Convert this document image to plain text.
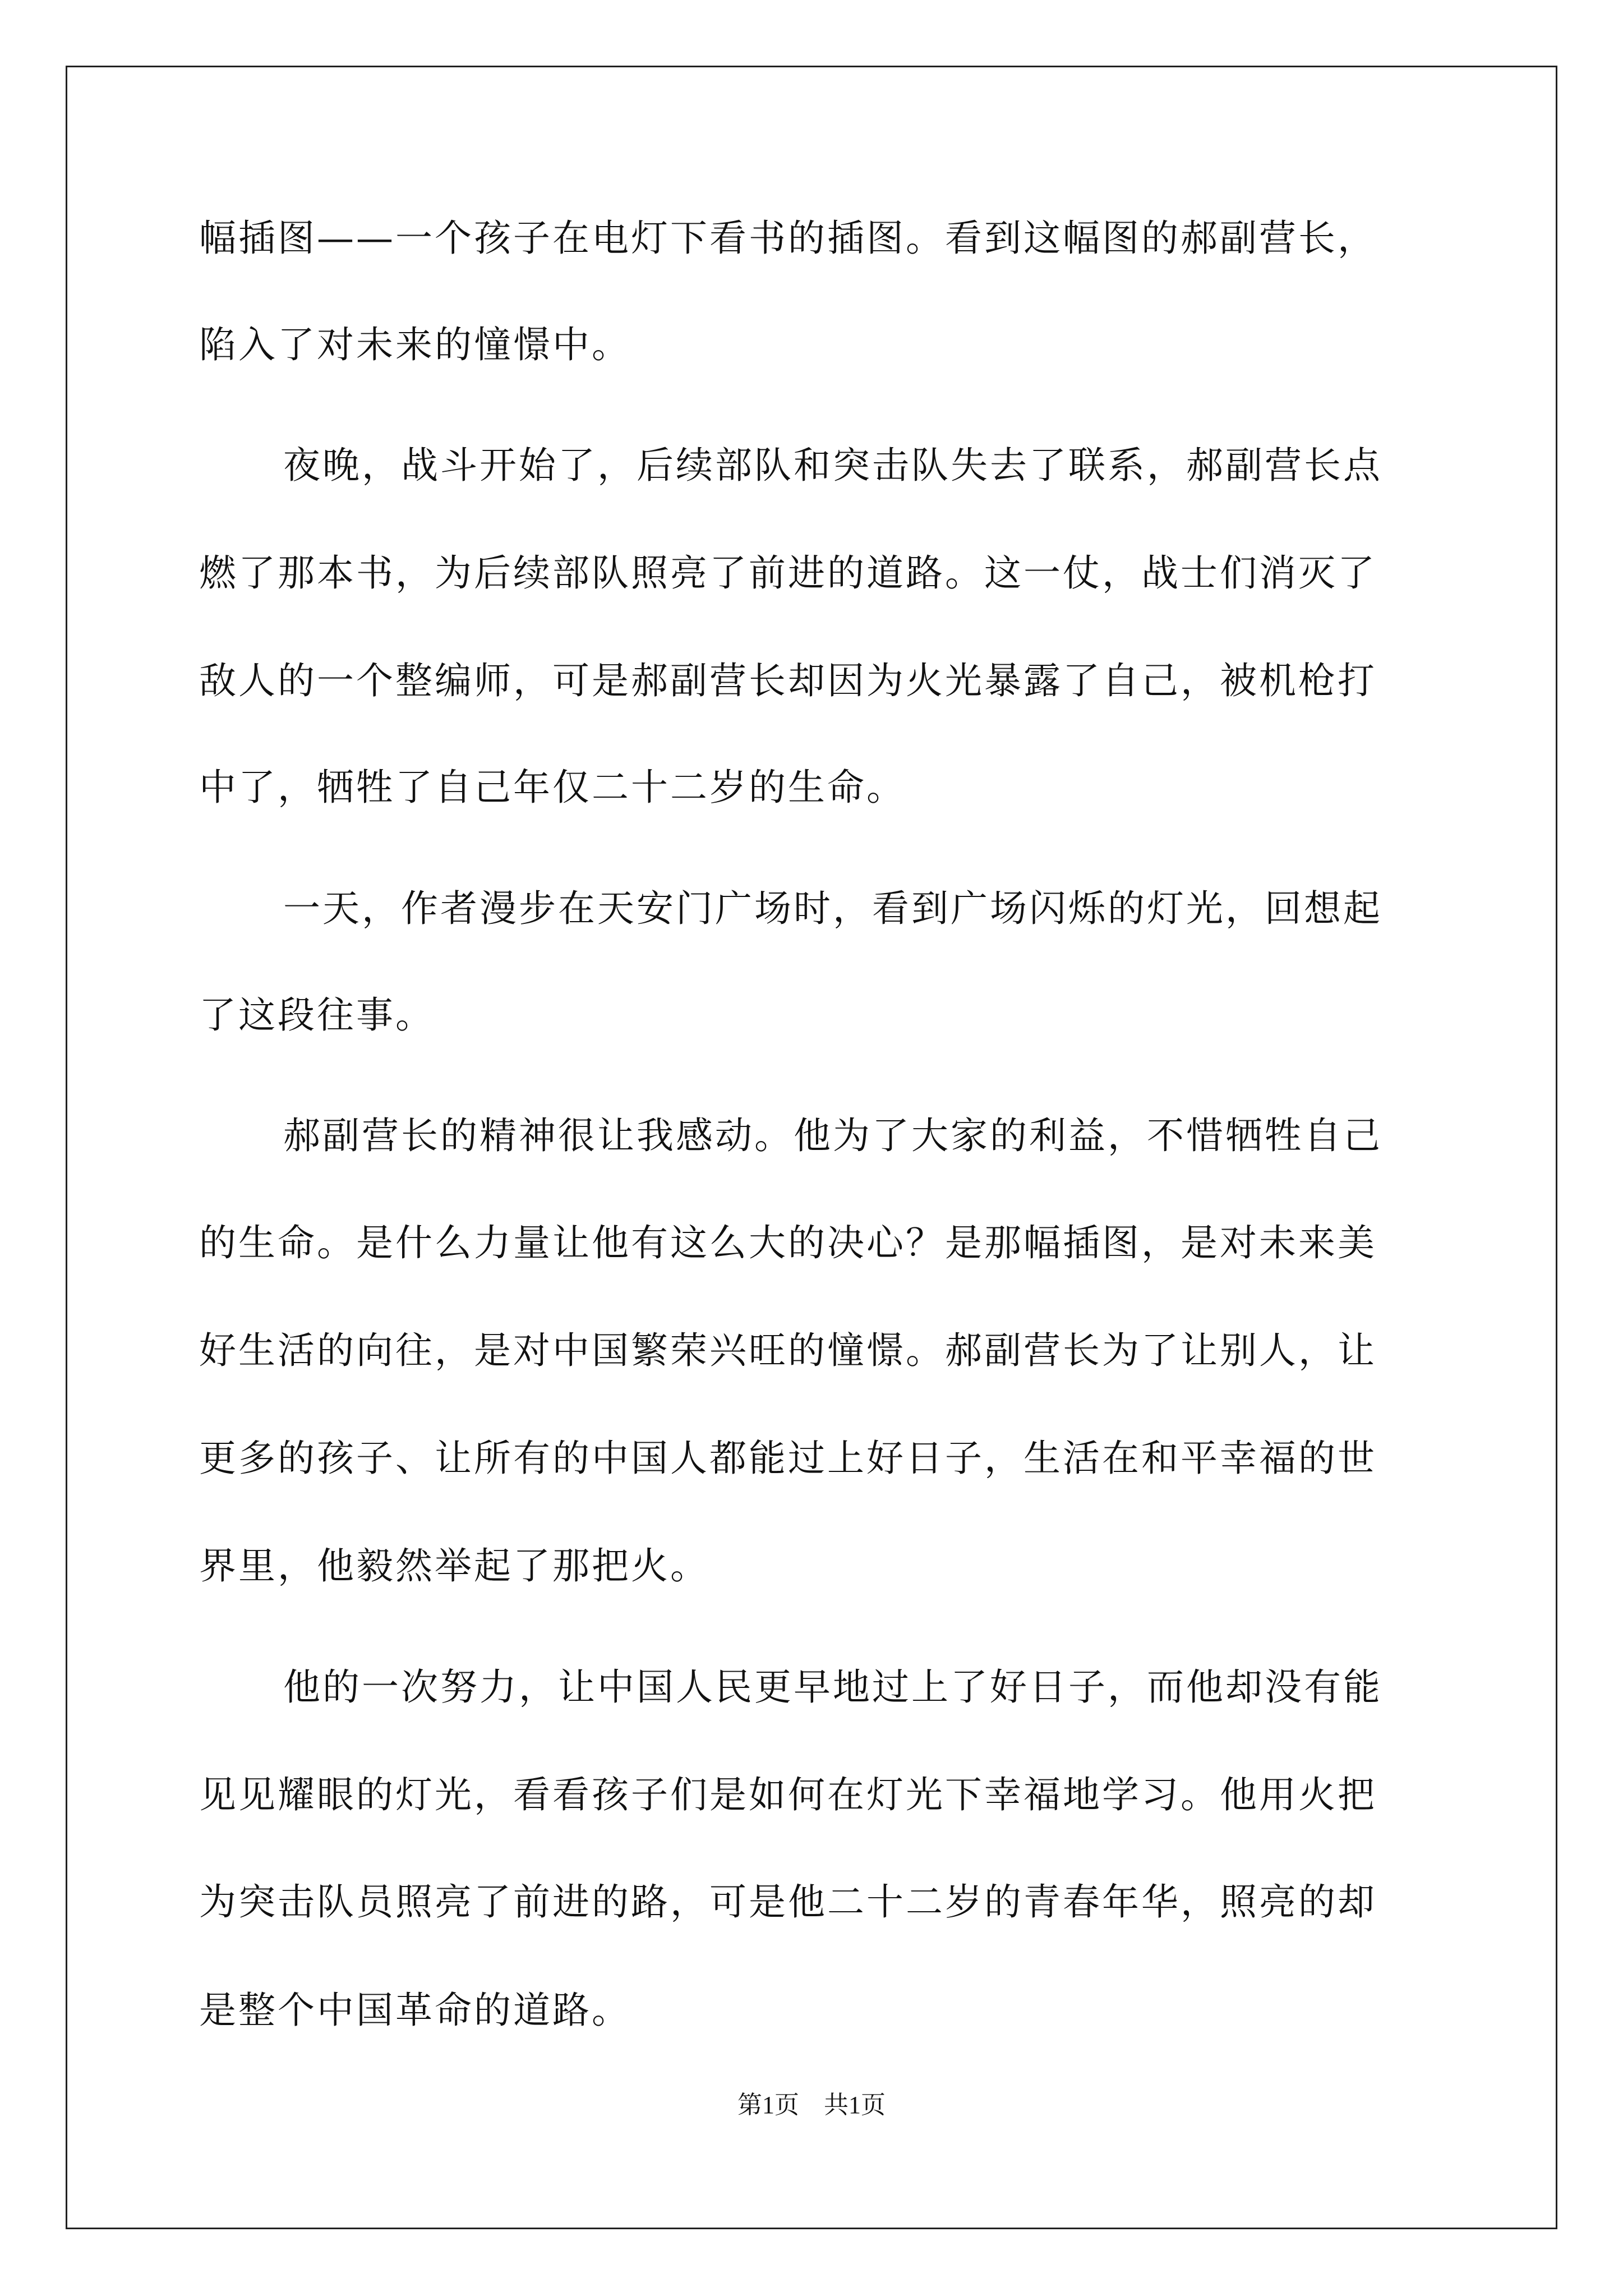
幅插图——一个孩子在电灯下看书的插图。看到这幅图的郝副营长，
陷入了对未来的憧憬中。
夜晚，战斗开始了，后续部队和突击队失去了联系，郝副营长点
燃了那本书，为后续部队照亮了前进的道路。这一仗，战士们消灭了
敌人的一个整编师，可是郝副营长却因为火光暴露了自己，被机枪打
中了，牺牲了自己年仅二十二岁的生命。
一天，作者漫步在天安门广场时，看到广场闪烁的灯光，回想起
了这段往事。
郝副营长的精神很让我感动。他为了大家的利益，不惜牺牲自己
的生命。是什么力量让他有这么大的决心？是那幅插图，是对未来美
好生活的向往，是对中国繁荣兴旺的憧憬。郝副营长为了让别人，让
更多的孩子、让所有的中国人都能过上好日子，生活在和平幸福的世
界里，他毅然举起了那把火。
他的一次努力，让中国人民更早地过上了好日子，而他却没有能
见见耀眼的灯光，看看孩子们是如何在灯光下幸福地学习。他用火把
为突击队员照亮了前进的路，可是他二十二岁的青春年华，照亮的却
是整个中国革命的道路。
第1页　共1页
